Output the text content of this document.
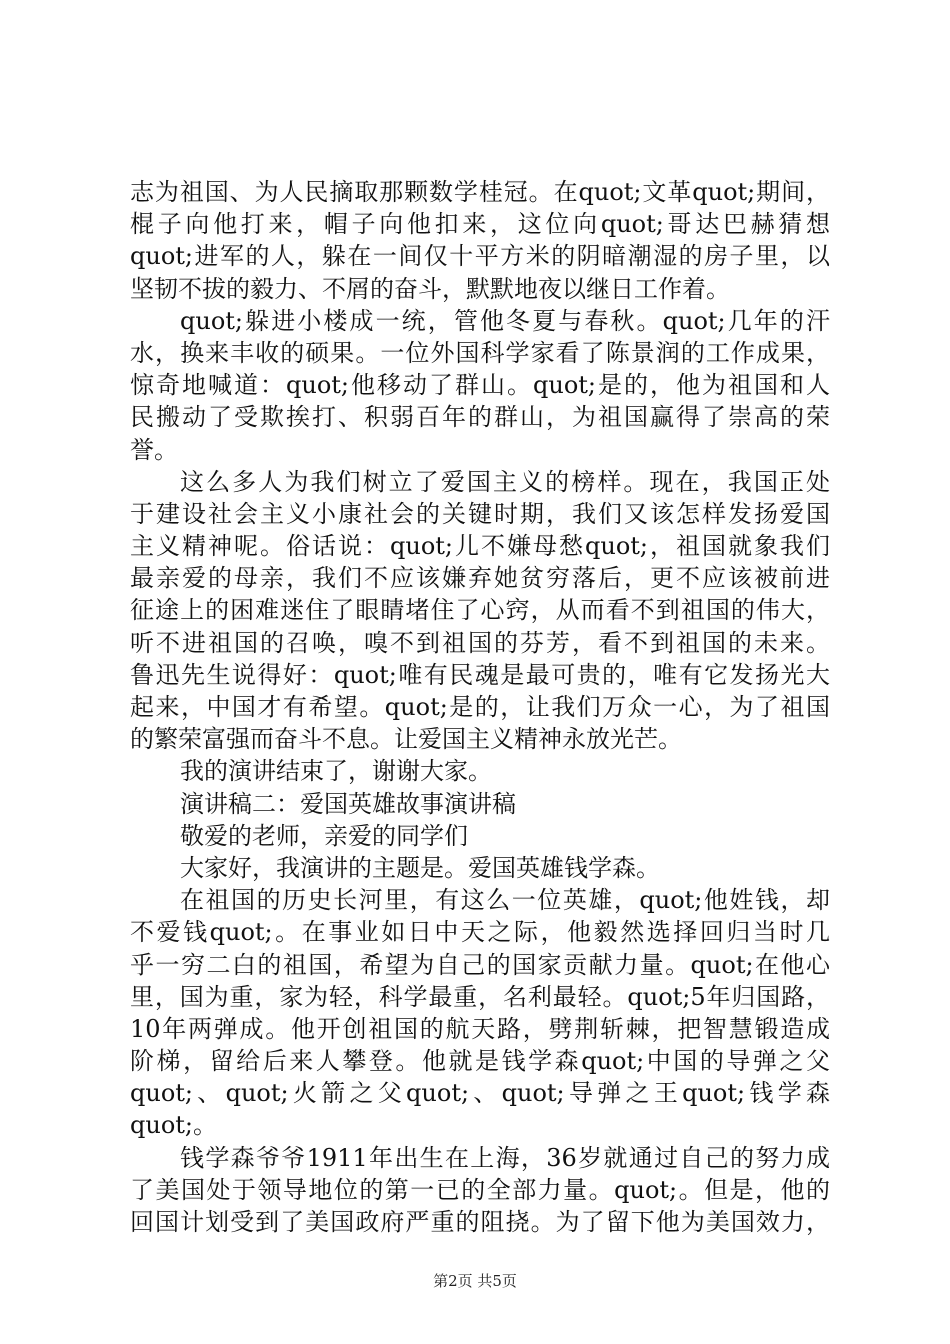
志为祖国、为人民摘取那颗数学桂冠。在quot;文革quot;期间，
棍子向他打来，帽子向他扣来，这位向quot;哥达巴赫猜想
quot;进军的人，躲在一间仅十平方米的阴暗潮湿的房子里，以
坚韧不拔的毅力、不屑的奋斗，默默地夜以继日工作着。
quot;躲进小楼成一统，管他冬夏与春秋。quot;几年的汗
水，换来丰收的硕果。一位外国科学家看了陈景润的工作成果，
惊奇地喊道：quot;他移动了群山。quot;是的，他为祖国和人
民搬动了受欺挨打、积弱百年的群山，为祖国赢得了崇高的荣
誉。
这么多人为我们树立了爱国主义的榜样。现在，我国正处
于建设社会主义小康社会的关键时期，我们又该怎样发扬爱国
主义精神呢。俗话说：quot;儿不嫌母愁quot;，祖国就象我们
最亲爱的母亲，我们不应该嫌弃她贫穷落后，更不应该被前进
征途上的困难迷住了眼睛堵住了心窍，从而看不到祖国的伟大，
听不进祖国的召唤，嗅不到祖国的芬芳，看不到祖国的未来。
鲁迅先生说得好：quot;唯有民魂是最可贵的，唯有它发扬光大
起来，中国才有希望。quot;是的，让我们万众一心，为了祖国
的繁荣富强而奋斗不息。让爱国主义精神永放光芒。
我的演讲结束了，谢谢大家。
演讲稿二：爱国英雄故事演讲稿
敬爱的老师，亲爱的同学们
大家好，我演讲的主题是。爱国英雄钱学森。
在祖国的历史长河里，有这么一位英雄，quot;他姓钱，却
不爱钱quot;。在事业如日中天之际，他毅然选择回归当时几
乎一穷二白的祖国，希望为自己的国家贡献力量。quot;在他心
里，国为重，家为轻，科学最重，名利最轻。quot;5年归国路，
10年两弹成。他开创祖国的航天路，劈荆斩棘，把智慧锻造成
阶梯，留给后来人攀登。他就是钱学森quot;中国的导弹之父
quot;、quot;火箭之父quot;、quot;导弹之王quot;钱学森
quot;。
钱学森爷爷1911年出生在上海，36岁就通过自己的努力成
了美国处于领导地位的第一已的全部力量。quot;。但是，他的
回国计划受到了美国政府严重的阻挠。为了留下他为美国效力，
第2页 共5页
